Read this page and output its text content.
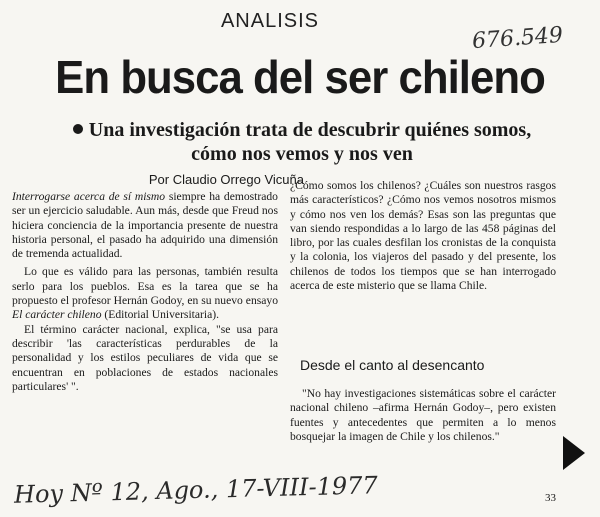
ANALISIS
676.549
En busca del ser chileno
Una investigación trata de descubrir quiénes somos,
cómo nos vemos y nos ven
Por Claudio Orrego Vicuña

Interrogarse acerca de sí mismo siempre ha demostrado ser un ejercicio saludable. Aun más, desde que Freud nos hiciera conciencia de la importancia presente de nuestra historia personal, el pasado ha adquirido una dimensión de tremenda actualidad.

Lo que es válido para las personas, también resulta serlo para los pueblos. Esa es la tarea que se ha propuesto el profesor Hernán Godoy, en su nuevo ensayo El carácter chileno (Editorial Universitaria).

El término carácter nacional, explica, "se usa para describir 'las características perdurables de la personalidad y los estilos peculiares de vida que se encuentran en poblaciones de estados nacionales particulares' ".

¿Cómo somos los chilenos? ¿Cuáles son nuestros rasgos más característicos? ¿Cómo nos vemos nosotros mismos y cómo nos ven los demás? Esas son las preguntas que van siendo respondidas a lo largo de las 458 páginas del libro, por las cuales desfilan los cronistas de la conquista y la colonia, los viajeros del pasado y del presente, los chilenos de todos los tiempos que se han interrogado acerca de este misterio que se llama Chile.

Desde el canto al desencanto

"No hay investigaciones sistemáticas sobre el carácter nacional chileno –afirma Hernán Godoy–, pero existen fuentes y antecedentes que permiten a lo menos bosquejar la imagen de Chile y los chilenos."

33
Hoy Nº 12, Ago., 17-VIII-1977
